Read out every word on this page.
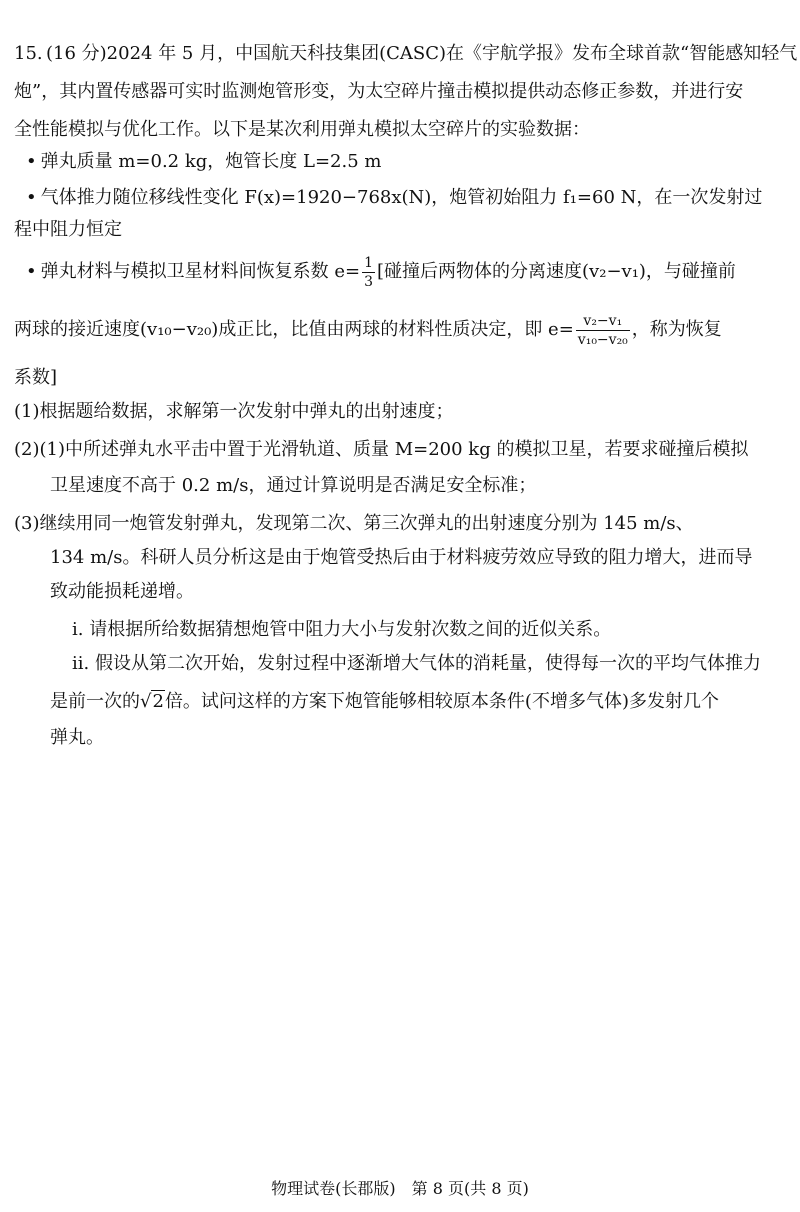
15. (16 分)2024 年 5 月，中国航天科技集团(CASC)在《宇航学报》发布全球首款“智能感知轻气
炮”，其内置传感器可实时监测炮管形变，为太空碎片撞击模拟提供动态修正参数，并进行安
全性能模拟与优化工作。以下是某次利用弹丸模拟太空碎片的实验数据：
• 弹丸质量 m=0.2 kg，炮管长度 L=2.5 m
• 气体推力随位移线性变化 F(x)=1920−768x(N)，炮管初始阻力 f₁=60 N，在一次发射过
程中阻力恒定
• 弹丸材料与模拟卫星材料间恢复系数 $e= \frac{1}{3}$ [碰撞后两物体的分离速度(v₂−v₁)，与碰撞前
两球的接近速度(v₁₀−v₂₀)成正比，比值由两球的材料性质决定，即 $e= \frac{\text{v₂−v₁}}{\text{v₁₀−v₂₀}}$ ，称为恢复
系数]
(1)根据题给数据，求解第一次发射中弹丸的出射速度；
(2)(1)中所述弹丸水平击中置于光滑轨道、质量 M=200 kg 的模拟卫星，若要求碰撞后模拟
卫星速度不高于 0.2 m/s，通过计算说明是否满足安全标准；
(3)继续用同一炮管发射弹丸，发现第二次、第三次弹丸的出射速度分别为 145 m/s、
134 m/s。科研人员分析这是由于炮管受热后由于材料疲劳效应导致的阻力增大，进而导
致动能损耗递增。
ⅰ. 请根据所给数据猜想炮管中阻力大小与发射次数之间的近似关系。
ⅱ. 假设从第二次开始，发射过程中逐渐增大气体的消耗量，使得每一次的平均气体推力
是前一次的√2倍。试问这样的方案下炮管能够相较原本条件(不增多气体)多发射几个
弹丸。
物理试卷(长郡版)　第 8 页(共 8 页)
